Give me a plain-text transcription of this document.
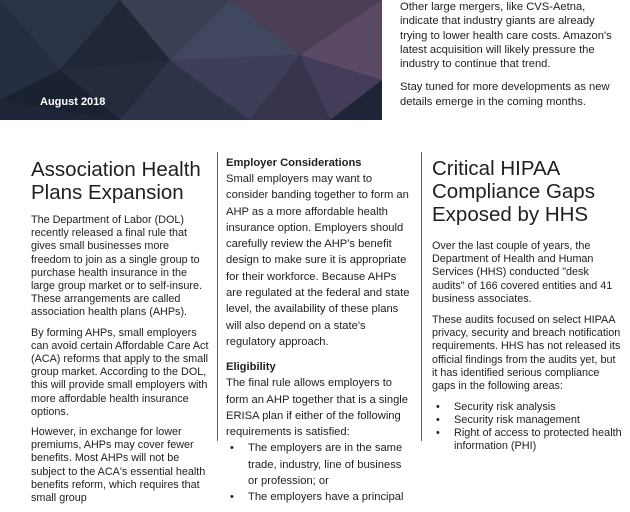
August 2018

Other large mergers, like CVS-Aetna, indicate that industry giants are already trying to lower health care costs. Amazon's latest acquisition will likely pressure the industry to continue that trend.

Stay tuned for more developments as new details emerge in the coming months.

Association Health Plans Expansion

The Department of Labor (DOL) recently released a final rule that gives small businesses more freedom to join as a single group to purchase health insurance in the large group market or to self-insure. These arrangements are called association health plans (AHPs).

By forming AHPs, small employers can avoid certain Affordable Care Act (ACA) reforms that apply to the small group market. According to the DOL, this will provide small employers with more affordable health insurance options.

However, in exchange for lower premiums, AHPs may cover fewer benefits. Most AHPs will not be subject to the ACA's essential health benefits reform, which requires that small group

Employer Considerations

Small employers may want to consider banding together to form an AHP as a more affordable health insurance option. Employers should carefully review the AHP's benefit design to make sure it is appropriate for their workforce. Because AHPs are regulated at the federal and state level, the availability of these plans will also depend on a state's regulatory approach.

Eligibility

The final rule allows employers to form an AHP together that is a single ERISA plan if either of the following requirements is satisfied:

• The employers are in the same trade, industry, line of business or profession; or
• The employers have a principal
Critical HIPAA Compliance Gaps Exposed by HHS

Over the last couple of years, the Department of Health and Human Services (HHS) conducted "desk audits" of 166 covered entities and 41 business associates.

These audits focused on select HIPAA privacy, security and breach notification requirements. HHS has not released its official findings from the audits yet, but it has identified serious compliance gaps in the following areas:

• Security risk analysis
• Security risk management
• Right of access to protected health information (PHI)
